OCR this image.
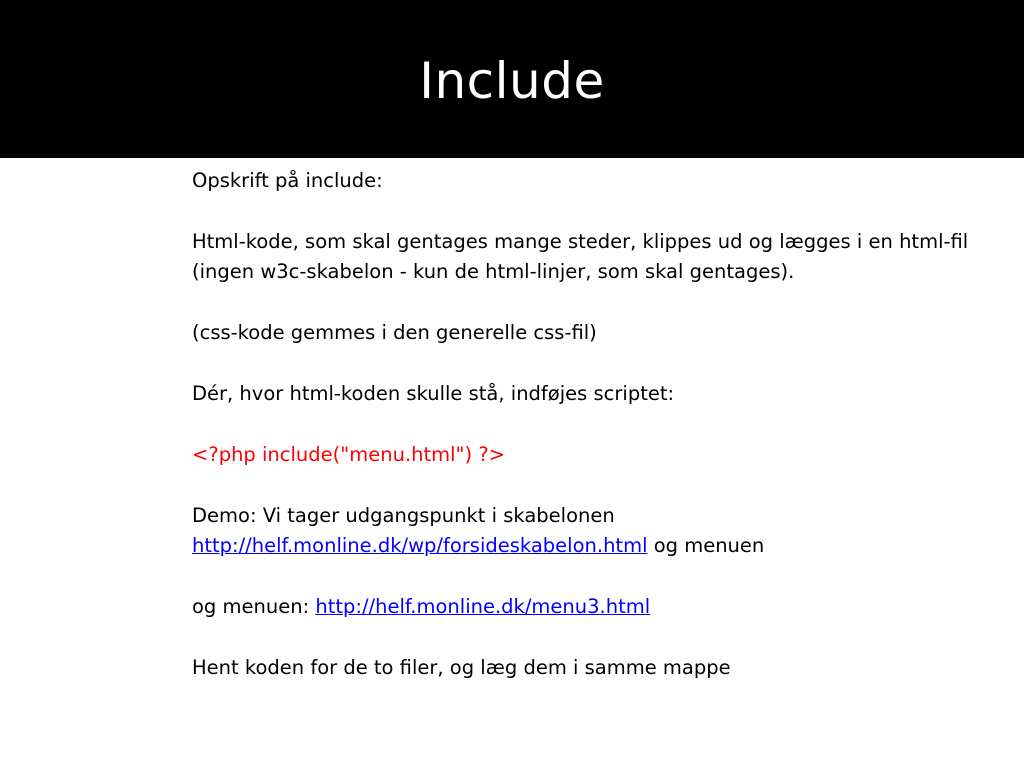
Include

Opskrift på include:

Html-kode, som skal gentages mange steder, klippes ud og lægges i en html-fil

(ingen w3c-skabelon - kun de html-linjer, som skal gentages).

(css-kode gemmes i den generelle css-fil)

Dér, hvor html-koden skulle stå, indføjes scriptet:

<?php include("menu.html") ?>

Demo: Vi tager udgangspunkt i skabelonen

http://helf.monline.dk/wp/forsideskabelon.html og menuen

og menuen: http://helf.monline.dk/menu3.html

Hent koden for de to filer, og læg dem i samme mappe
